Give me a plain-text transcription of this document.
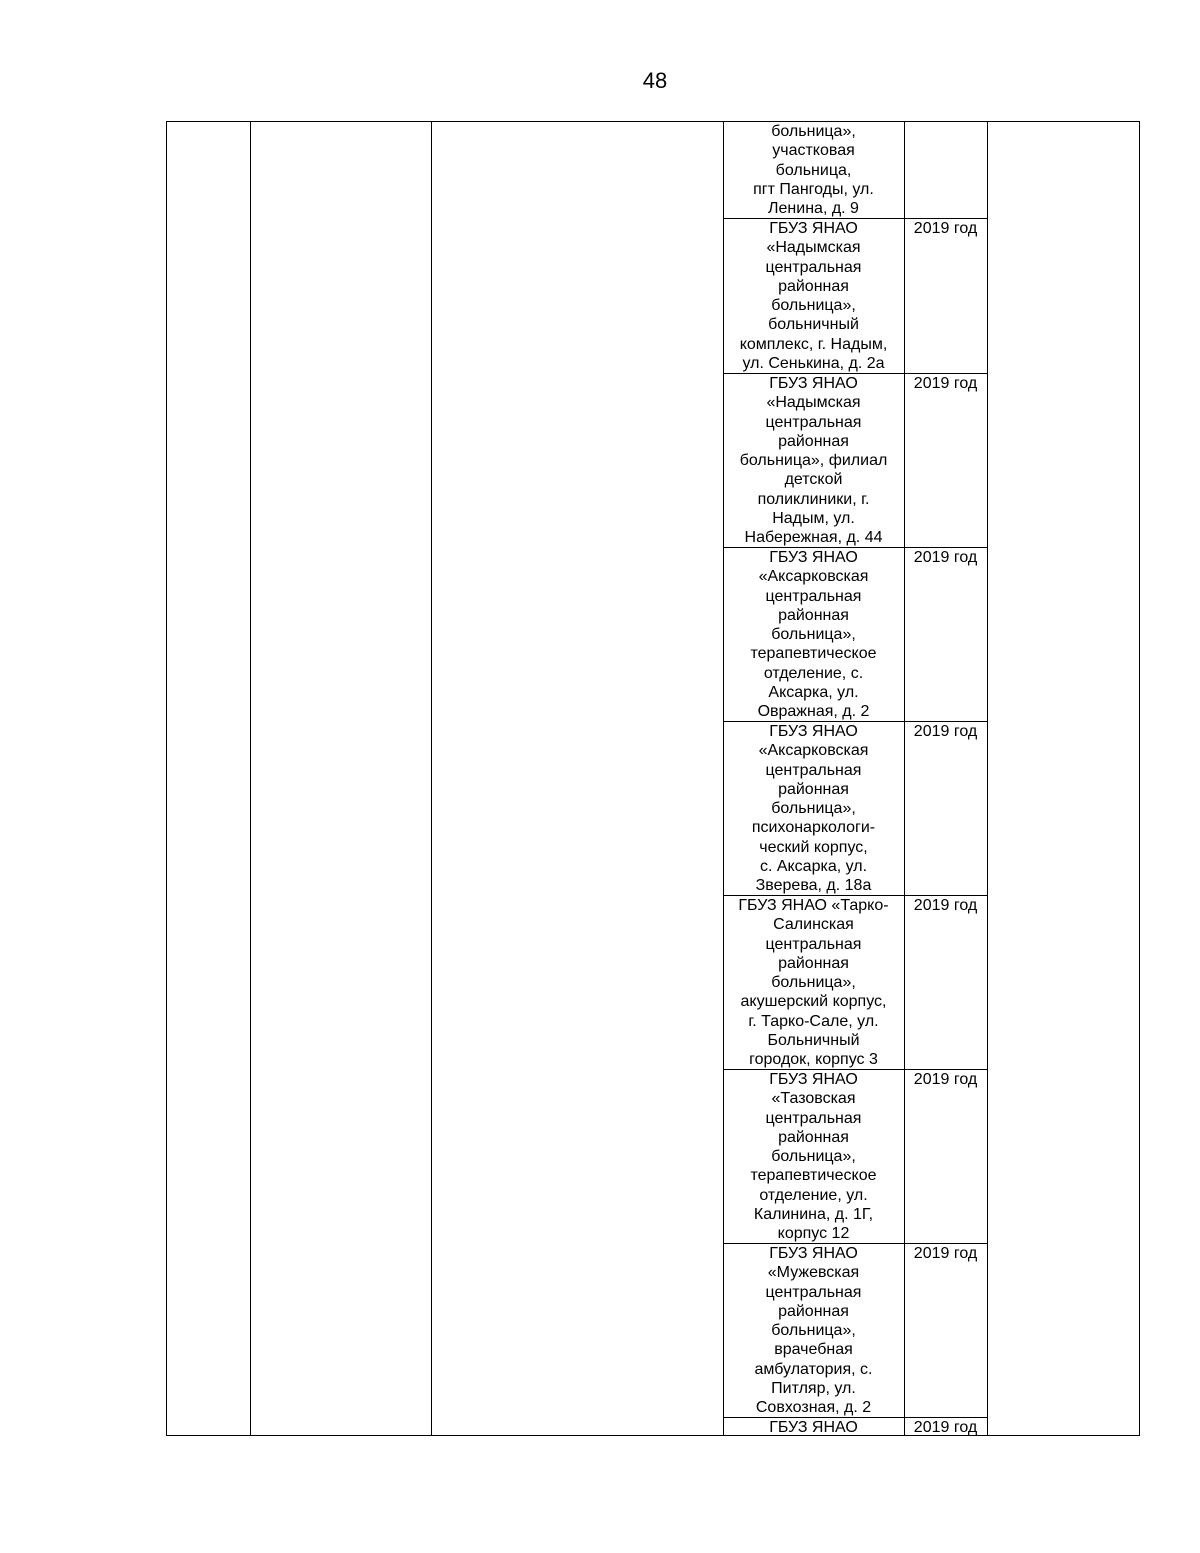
48
больница»,
участковая
больница,
пгт Пангоды, ул.
Ленина, д. 9
ГБУЗ ЯНАО
«Надымская
центральная
районная
больница»,
больничный
комплекс, г. Надым,
ул. Сенькина, д. 2а
2019 год
ГБУЗ ЯНАО
«Надымская
центральная
районная
больница», филиал
детской
поликлиники, г.
Надым, ул.
Набережная, д. 44
2019 год
ГБУЗ ЯНАО
«Аксарковская
центральная
районная
больница»,
терапевтическое
отделение, с.
Аксарка, ул.
Овражная, д. 2
2019 год
ГБУЗ ЯНАО
«Аксарковская
центральная
районная
больница»,
психонаркологи-
ческий корпус,
с. Аксарка, ул.
Зверева, д. 18а
2019 год
ГБУЗ ЯНАО «Тарко-
Салинская
центральная
районная
больница»,
акушерский корпус,
г. Тарко-Сале, ул.
Больничный
городок, корпус 3
2019 год
ГБУЗ ЯНАО
«Тазовская
центральная
районная
больница»,
терапевтическое
отделение, ул.
Калинина, д. 1Г,
корпус 12
2019 год
ГБУЗ ЯНАО
«Мужевская
центральная
районная
больница»,
врачебная
амбулатория, с.
Питляр, ул.
Совхозная, д. 2
2019 год
ГБУЗ ЯНАО	2019 год
